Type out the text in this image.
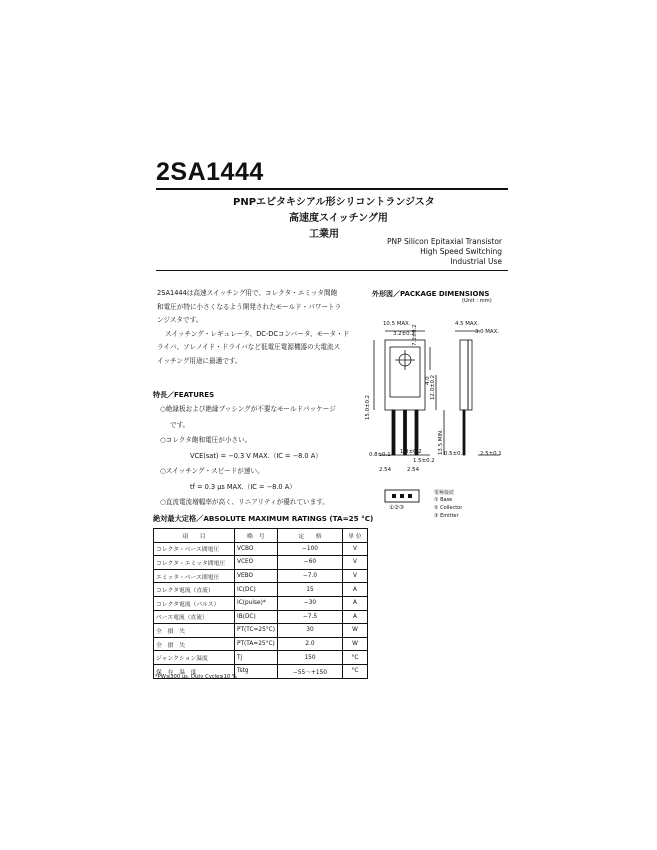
2SA1444
PNPエピタキシアル形シリコントランジスタ
高速度スイッチング用
工業用
PNP Silicon Epitaxial Transistor
High Speed Switching
Industrial Use
2SA1444は高速スイッチング用で、コレクタ・エミッタ間飽
和電圧が特に小さくなるよう開発されたモールド・パワートラ
ンジスタです。
スイッチング・レギュレータ、DC-DCコンバータ、モータ・ド
ライバ、ソレノイド・ドライバなど低電圧電源機器の大電流ス
イッチング用途に最適です。
特長／FEATURES
○絶縁板および絶縁ブッシングが不要なモールドパッケージ
です。
○コレクタ飽和電圧が小さい。
VCE(sat) = −0.3 V MAX.（IC = −8.0 A）
○スイッチング・スピードが速い。
tf = 0.3 μs MAX.（IC = −8.0 A）
○直流電流増幅率が高く、リニアリティが優れています。
絶対最大定格／ABSOLUTE MAXIMUM RATINGS (TA=25 °C)
項　　目	略　号	定　　格	単 位
コレクタ・ベース間電圧	VCBO	−100	V
コレクタ・エミッタ間電圧	VCEO	−60	V
エミッタ・ベース間電圧	VEBO	−7.0	V
コレクタ電流（直流）	IC(DC)	15	A
コレクタ電流（パルス）	IC(pulse)*	−30	A
ベース電流（直流）	IB(DC)	−7.5	A
全　損　失	PT(TC=25°C)	30	W
全　損　失	PT(TA=25°C)	2.0	W
ジャンクション温度	Tj	150	°C
保　存　温　度	Tstg	−55〜+150	°C
*PW≦300 μs, Duty Cycle≦10 %
外形図／PACKAGE DIMENSIONS
(Unit : mm)
10.5 MAX.
3.2±0.2
4.5 MAX.
3.0 MAX.
7.0±0.2
4.0
15.0±0.2
12.0±0.2
13.5 MIN.
0.8±0.1 1.3±0.2	0.5±0.2	2.5±0.1
1.5±0.2
2.54	2.54
①②③
電極接続
① Base
② Collector
③ Emitter
